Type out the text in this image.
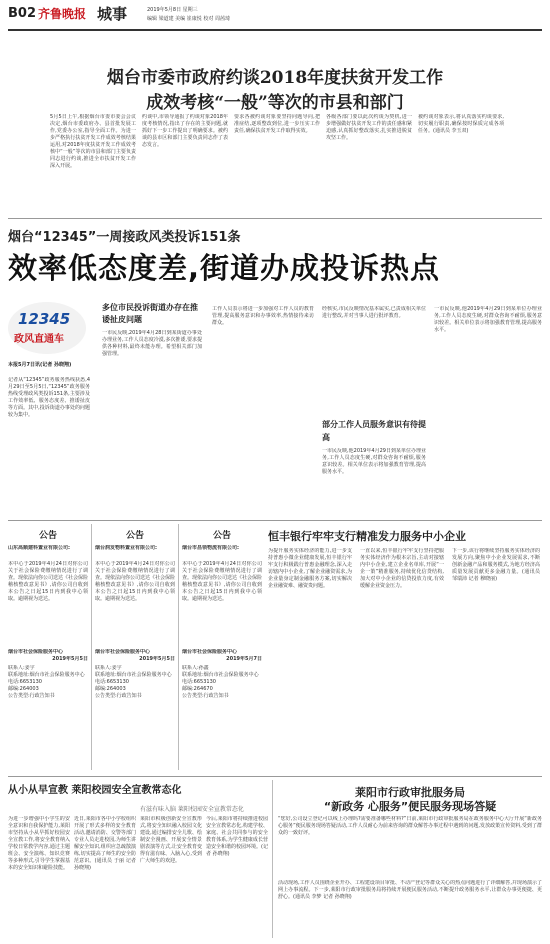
B02 齐鲁晚报 城事	2019年5月8日 星期三
编辑 梁道建 美编 崔康悦 校对 周茜琦
烟台市委市政府约谈2018年度扶贫开发工作
成效考核“一般”等次的市县和部门
5月5日上午,根据烟台市委市委会会议决定,烟台市委政府办、县首批发展工作,党委办公室,指导全面工作。为进一步严格执行扶贫开发工作成效考核结果运用,对2018年度扶贫开发工作成效考核中“一般”等次的市县和部门主要负责同志进行约谈,推进全市扶贫开发工作深入开展。
约谈中,市领导通报了约谈对象2018年度考核情况,指出了存在的主要问题,就抓好下一步工作提出了明确要求。被约谈的县市区和部门主要负责同志作了表态发言。
要求各被约谈对象要坚持问题导向,把准症结,逐项整改到位,进一步压实工作责任,确保扶贫开发工作取得实效。
各级各部门要以此次约谈为契机,进一步增强做好扶贫开发工作的责任感和紧迫感,认真抓好整改落实,扎实推进脱贫攻坚工作。
被约谈对象表示,将认真落实约谈要求,切实履行职责,确保按时保质完成各项任务。(通讯员 李玉双)
烟台“12345”一周接政风类投诉151条
效率低态度差,街道办成投诉热点
12345
政风直通车
本报5月7日讯(记者 孙晓翔)
记者从“12345”政务服务热线获悉,4月29日至5月5日,“12345”政务服务热线受理政风类投诉151条,主要涉及工作效率低、服务态度差、推诿扯皮等方面。其中,投诉街道办事处的问题较为集中。
多位市民投诉街道办存在推诿扯皮问题
一市民反映,2019年4月28日到某街道办事处办理业务,工作人员态度冷漠,多次推诿,要求提供各种材料,最终未能办理。希望相关部门加强管理。
工作人员表示将进一步加强对工作人员的教育管理,提高服务意识和办事效率,热情接待来访群众。
经核实,市民反映情况基本属实,已责成相关单位进行整改,并对当事人进行批评教育。
部分工作人员服务意识有待提高
一市民反映,他2019年4月29日到某单位办理业务,工作人员态度生硬,对群众咨询不耐烦,服务意识较差。相关单位表示将加强教育管理,提高服务水平。
一市民反映,他2019年4月29日到某单位办理业务,工作人员态度生硬,对群众咨询不耐烦,服务意识较差。相关单位表示将加强教育管理,提高服务水平。
公告
山东高顺建科置业有限公司:
本中心于2019年4月24日对你公司关于社会保险费缴纳情况进行了调查。现依法向你公司送达《社会保险稽核整改意见书》,请你公司自收到本公告之日起15日内到我中心领取。逾期视为送达。
烟台市社会保险服务中心
2019年5月5日
联系人:姜宇
联系地址:烟台市社会保险服务中心
电话:6653130
邮编:264003
公告类型:行政告知书
公告
烟台润发物料置业有限公司:
本中心于2019年4月24日对你公司关于社会保险费缴纳情况进行了调查。现依法向你公司送达《社会保险稽核整改意见书》,请你公司自收到本公告之日起15日内到我中心领取。逾期视为送达。
烟台市社会保险服务中心
2019年5月5日
联系人:姜宇
联系地址:烟台市社会保险服务中心
电话:6653130
邮编:264003
公告类型:行政告知书
公告
烟台市昌领物流有限公司:
本中心于2019年4月24日对你公司关于社会保险费缴纳情况进行了调查。现依法向你公司送达《社会保险稽核整改意见书》,请你公司自收到本公告之日起15日内到我中心领取。逾期视为送达。
烟台市社会保险服务中心
2019年5月7日
联系人:孙鑫
联系地址:烟台市社会保险服务中心
电话:6653130
邮编:264670
公告类型:行政告知书
恒丰银行牢牢支行精准发力服务中小企业
为提升服务实体经济的能力,进一步支持普惠小微企业健康发展,恒丰银行牢牢支行积极践行普惠金融理念,深入走访辖内中小企业,了解企业融资需求,为企业量身定制金融服务方案,切实解决企业融资难、融资贵问题。
一直以来,恒丰银行牢牢支行坚持把服务实体经济作为根本宗旨,主动对接辖内中小企业,建立企业名单库,开展“一企一策”精准服务,持续优化信贷结构,加大对中小企业的信贷投放力度,有效缓解企业资金压力。
下一步,该行将继续坚持服务实体经济的发展方向,聚焦中小企业发展需求,不断创新金融产品和服务模式,为地方经济高质量发展贡献更多金融力量。(通讯员 邹瑞沛 记者 穆晓丽)
从小从早宣教 莱阳校园安全宣教常态化
为进一步增强中小学生的安全意识和自我保护能力,莱阳市坚持从小从早抓好校园安全宣教工作,将安全教育纳入学校日常教学内容,通过主题班会、安全演练、知识竞赛等多种形式,引导学生掌握基本的安全知识和避险技能。
近日,莱阳市各中小学校组织开展了形式多样的安全教育活动,邀请消防、交警等部门专业人员走进校园,为师生讲解安全知识,组织应急疏散演练,切实提高了师生的安全防范意识。(通讯员 于丽 记者 孙晓翔)
莱阳市积极创新安全宣教形式,将安全知识融入校园文化建设,通过编排安全儿歌、绘制安全漫画、开展安全情景剧表演等方式,让安全教育变得有滋有味、入脑入心,受到广大师生的欢迎。
今后,莱阳市将持续推进校园安全宣教常态化,构建学校、家庭、社会共同参与的安全教育体系,为学生健康成长营造安全和谐的校园环境。(记者 孙晓翔)
有滋有味入脑 莱阳校园安全宣教常态化
莱阳市行政审批服务局
“新政务 心服务”便民服务现场答疑
“您好,公司设立登记可以线上办理吗?需要准备哪些材料?”日前,莱阳市行政审批服务局在政务服务中心大厅开展“新政务 心服务”便民服务现场答疑活动,工作人员耐心为前来咨询的群众解答办事过程中遇到的问题,发放政策宣传资料,受到了群众的一致好评。
活动现场,工作人员围绕企业开办、工程建设项目审批、不动产登记等群众关心的热点问题进行了详细解答,并现场演示了网上办事流程。下一步,莱阳市行政审批服务局将持续开展便民服务活动,不断提升政务服务水平,让群众办事更便捷、更舒心。(通讯员 李梦 记者 孙晓翔)
